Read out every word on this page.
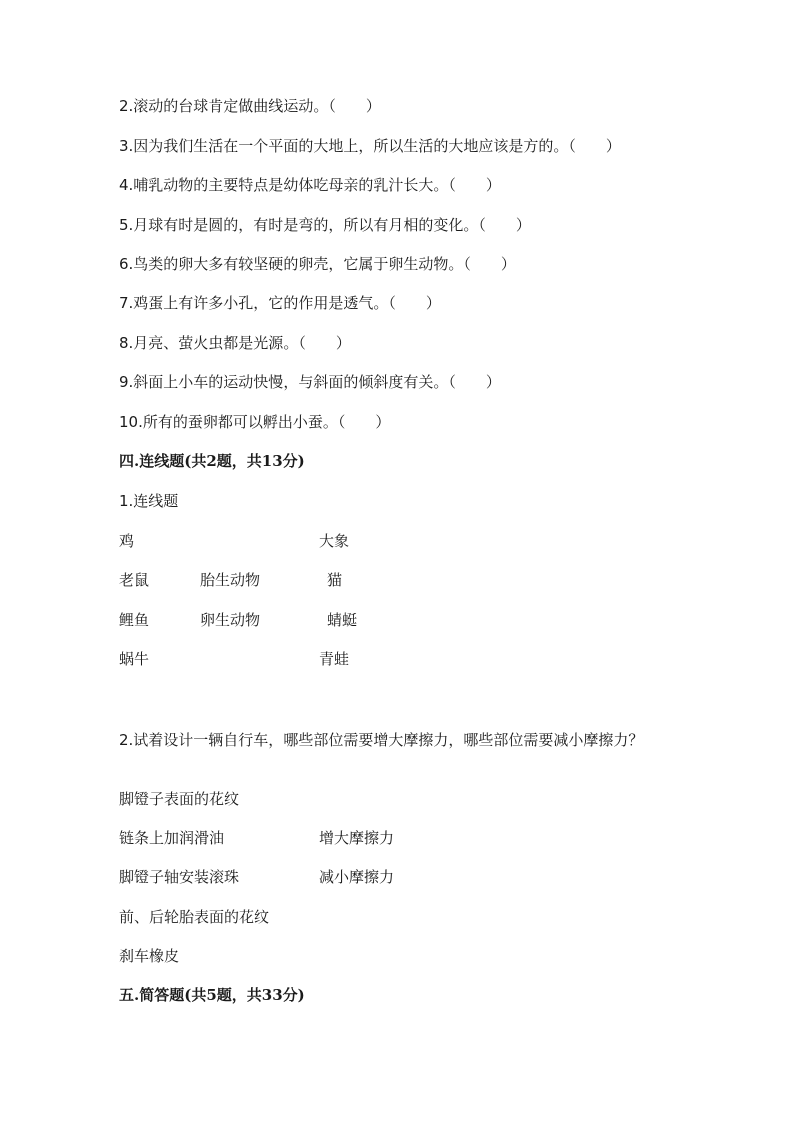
2.滚动的台球肯定做曲线运动。（　　）
3.因为我们生活在一个平面的大地上，所以生活的大地应该是方的。（　　）
4.哺乳动物的主要特点是幼体吃母亲的乳汁长大。（　　）
5.月球有时是圆的，有时是弯的，所以有月相的变化。（　　）
6.鸟类的卵大多有较坚硬的卵壳，它属于卵生动物。（　　）
7.鸡蛋上有许多小孔，它的作用是透气。（　　）
8.月亮、萤火虫都是光源。（　　）
9.斜面上小车的运动快慢，与斜面的倾斜度有关。（　　）
10.所有的蚕卵都可以孵出小蚕。（　　）
四.连线题(共2题，共13分)
1.连线题
鸡
老鼠
鲤鱼
蜗牛
胎生动物
卵生动物
大象
猫
蜻蜓
青蛙
2.试着设计一辆自行车，哪些部位需要增大摩擦力，哪些部位需要减小摩擦力？
脚镫子表面的花纹
链条上加润滑油
脚镫子轴安装滚珠
前、后轮胎表面的花纹
刹车橡皮
增大摩擦力
减小摩擦力
五.简答题(共5题，共33分)
